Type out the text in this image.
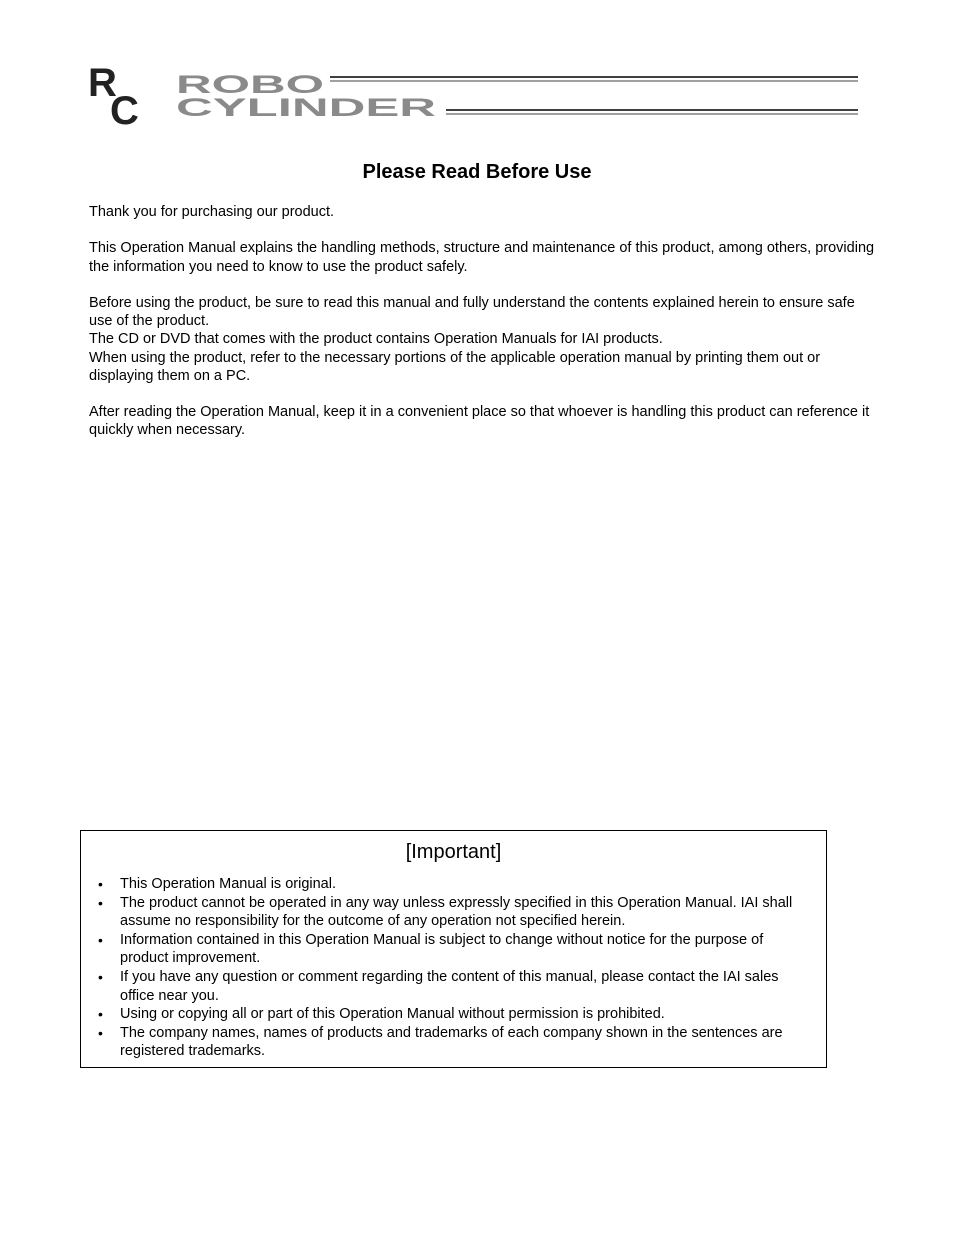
R
C
ROBO
CYLINDER
Please Read Before Use

Thank you for purchasing our product.

This Operation Manual explains the handling methods, structure and maintenance of this product, among others, providing the information you need to know to use the product safely.

Before using the product, be sure to read this manual and fully understand the contents explained herein to ensure safe use of the product.

The CD or DVD that comes with the product contains Operation Manuals for IAI products.

When using the product, refer to the necessary portions of the applicable operation manual by printing them out or displaying them on a PC.

After reading the Operation Manual, keep it in a convenient place so that whoever is handling this product can reference it quickly when necessary.

[Important]
• This Operation Manual is original.
• The product cannot be operated in any way unless expressly specified in this Operation Manual. IAI shall assume no responsibility for the outcome of any operation not specified herein.
• Information contained in this Operation Manual is subject to change without notice for the purpose of product improvement.
• If you have any question or comment regarding the content of this manual, please contact the IAI sales office near you.
• Using or copying all or part of this Operation Manual without permission is prohibited.
• The company names, names of products and trademarks of each company shown in the sentences are registered trademarks.
